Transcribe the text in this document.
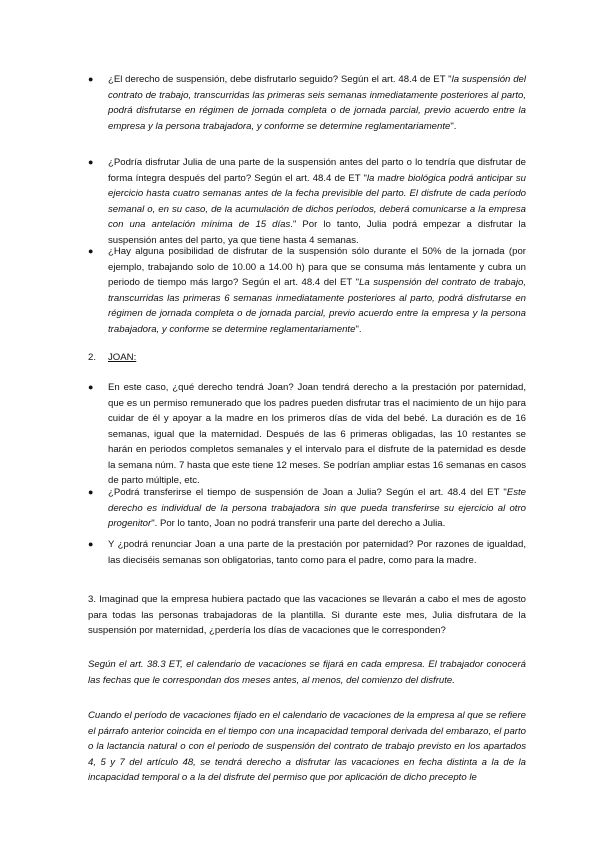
● ¿El derecho de suspensión, debe disfrutarlo seguido? Según el art. 48.4 de ET "la suspensión del contrato de trabajo, transcurridas las primeras seis semanas inmediatamente posteriores al parto, podrá disfrutarse en régimen de jornada completa o de jornada parcial, previo acuerdo entre la empresa y la persona trabajadora, y conforme se determine reglamentariamente".
● ¿Podría disfrutar Julia de una parte de la suspensión antes del parto o lo tendría que disfrutar de forma íntegra después del parto? Según el art. 48.4 de ET "la madre biológica podrá anticipar su ejercicio hasta cuatro semanas antes de la fecha previsible del parto. El disfrute de cada período semanal o, en su caso, de la acumulación de dichos períodos, deberá comunicarse a la empresa con una antelación mínima de 15 días." Por lo tanto, Julia podrá empezar a disfrutar la suspensión antes del parto, ya que tiene hasta 4 semanas.
● ¿Hay alguna posibilidad de disfrutar de la suspensión sólo durante el 50% de la jornada (por ejemplo, trabajando solo de 10.00 a 14.00 h) para que se consuma más lentamente y cubra un periodo de tiempo más largo? Según el art. 48.4 del ET "La suspensión del contrato de trabajo, transcurridas las primeras 6 semanas inmediatamente posteriores al parto, podrá disfrutarse en régimen de jornada completa o de jornada parcial, previo acuerdo entre la empresa y la persona trabajadora, y conforme se determine reglamentariamente".
2. JOAN:
● En este caso, ¿qué derecho tendrá Joan? Joan tendrá derecho a la prestación por paternidad, que es un permiso remunerado que los padres pueden disfrutar tras el nacimiento de un hijo para cuidar de él y apoyar a la madre en los primeros días de vida del bebé. La duración es de 16 semanas, igual que la maternidad. Después de las 6 primeras obligadas, las 10 restantes se harán en periodos completos semanales y el intervalo para el disfrute de la paternidad es desde la semana núm. 7 hasta que este tiene 12 meses. Se podrían ampliar estas 16 semanas en casos de parto múltiple, etc.
● ¿Podrá transferirse el tiempo de suspensión de Joan a Julia? Según el art. 48.4 del ET "Este derecho es individual de la persona trabajadora sin que pueda transferirse su ejercicio al otro progenitor". Por lo tanto, Joan no podrá transferir una parte del derecho a Julia.
● Y ¿podrá renunciar Joan a una parte de la prestación por paternidad? Por razones de igualdad, las dieciséis semanas son obligatorias, tanto como para el padre, como para la madre.
3. Imaginad que la empresa hubiera pactado que las vacaciones se llevarán a cabo el mes de agosto para todas las personas trabajadoras de la plantilla. Si durante este mes, Julia disfrutara de la suspensión por maternidad, ¿perdería los días de vacaciones que le corresponden?
Según el art. 38.3 ET, el calendario de vacaciones se fijará en cada empresa. El trabajador conocerá las fechas que le correspondan dos meses antes, al menos, del comienzo del disfrute.
Cuando el período de vacaciones fijado en el calendario de vacaciones de la empresa al que se refiere el párrafo anterior coincida en el tiempo con una incapacidad temporal derivada del embarazo, el parto o la lactancia natural o con el periodo de suspensión del contrato de trabajo previsto en los apartados 4, 5 y 7 del artículo 48, se tendrá derecho a disfrutar las vacaciones en fecha distinta a la de la incapacidad temporal o a la del disfrute del permiso que por aplicación de dicho precepto le
